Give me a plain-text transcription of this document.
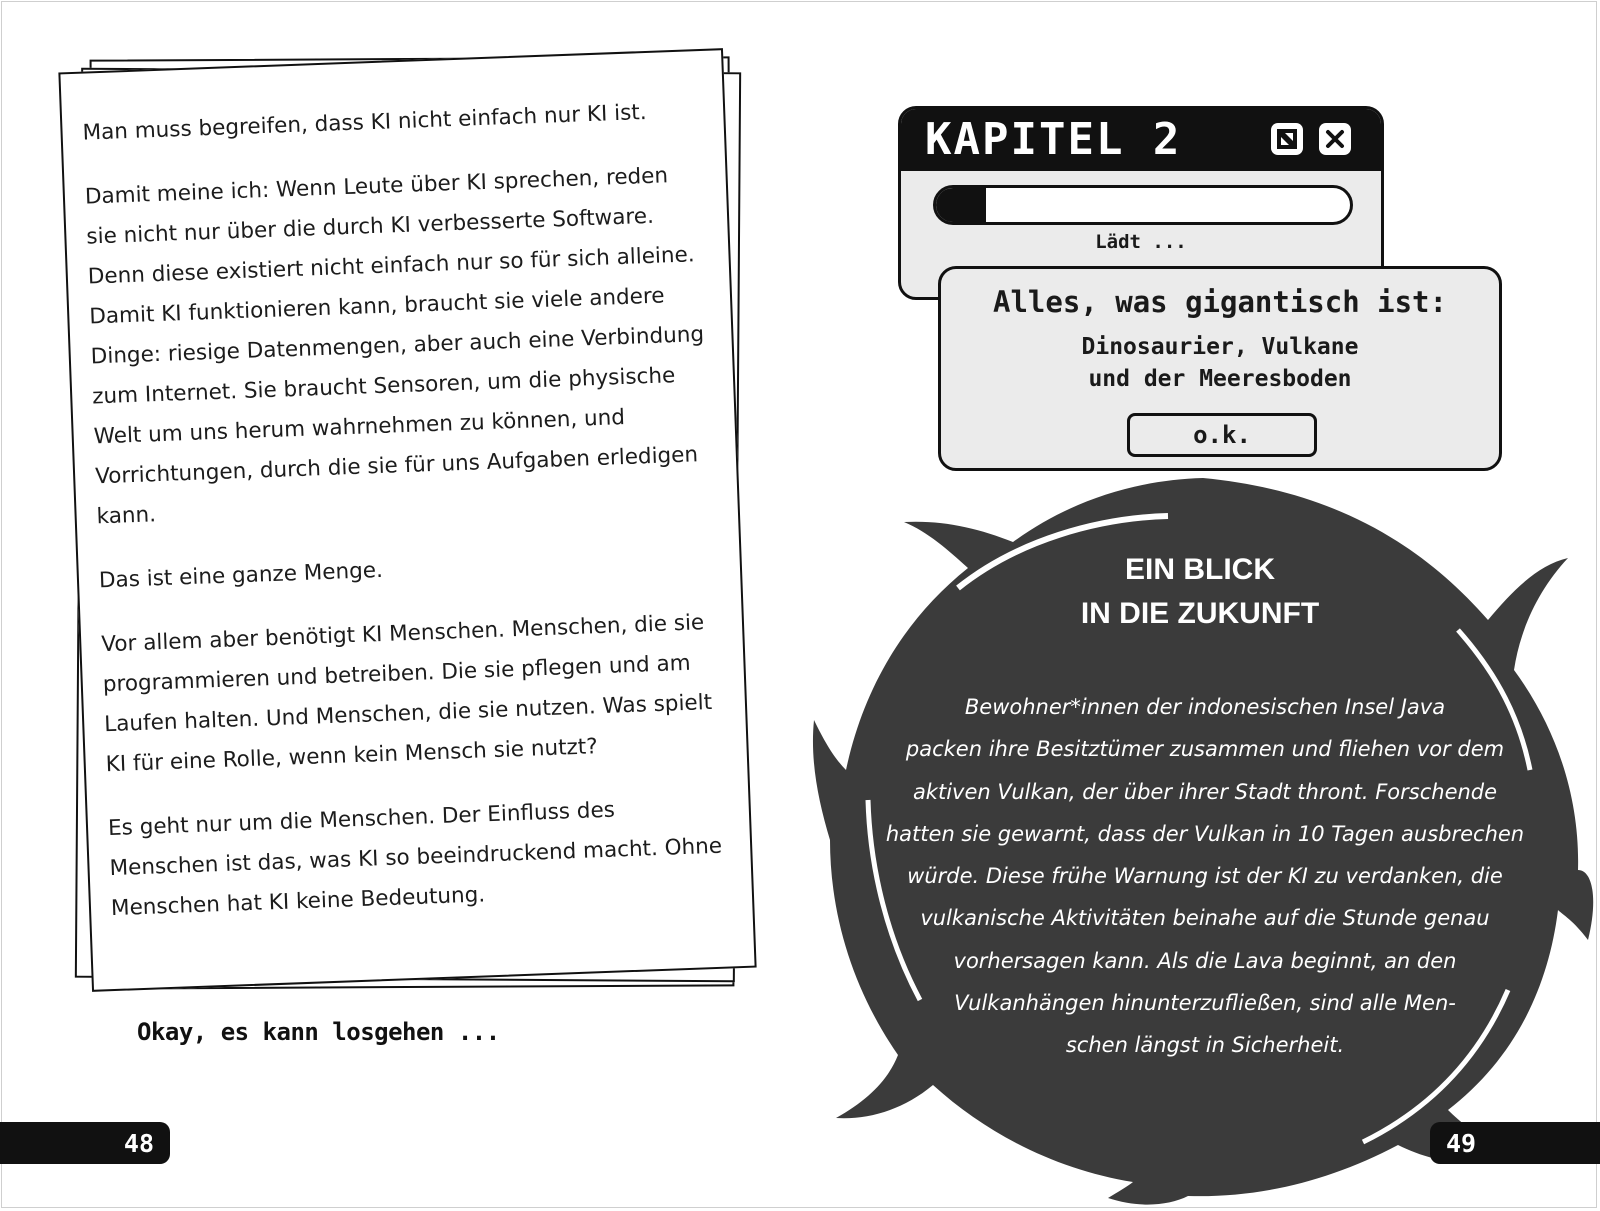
Man muss begreifen, dass KI nicht einfach nur KI ist.

Damit meine ich: Wenn Leute über KI sprechen, reden sie nicht nur über die durch KI verbesserte Software. Denn diese existiert nicht einfach nur so für sich alleine. Damit KI funktionieren kann, braucht sie viele andere Dinge: riesige Datenmengen, aber auch eine Verbindung zum Internet. Sie braucht Sensoren, um die physische Welt um uns herum wahrnehmen zu können, und Vorrichtungen, durch die sie für uns Aufgaben erledigen kann.

Das ist eine ganze Menge.

Vor allem aber benötigt KI Menschen. Menschen, die sie programmieren und betreiben. Die sie pflegen und am Laufen halten. Und Menschen, die sie nutzen. Was spielt KI für eine Rolle, wenn kein Mensch sie nutzt?

Es geht nur um die Menschen. Der Einfluss des Menschen ist das, was KI so beeindruckend macht. Ohne Menschen hat KI keine Bedeutung.

Okay, es kann losgehen ...
48
EIN BLICK
IN DIE ZUKUNFT
Bewohner*innen der indonesischen Insel Java
packen ihre Besitztümer zusammen und fliehen vor dem
aktiven Vulkan, der über ihrer Stadt thront. Forschende
hatten sie gewarnt, dass der Vulkan in 10 Tagen ausbrechen
würde. Diese frühe Warnung ist der KI zu verdanken, die
vulkanische Aktivitäten beinahe auf die Stunde genau
vorhersagen kann. Als die Lava beginnt, an den
Vulkanhängen hinunterzufließen, sind alle Men-
schen längst in Sicherheit.
KAPITEL 2
Lädt ...
Alles, was gigantisch ist:
Dinosaurier, Vulkane
und der Meeresboden
o.k.
49
